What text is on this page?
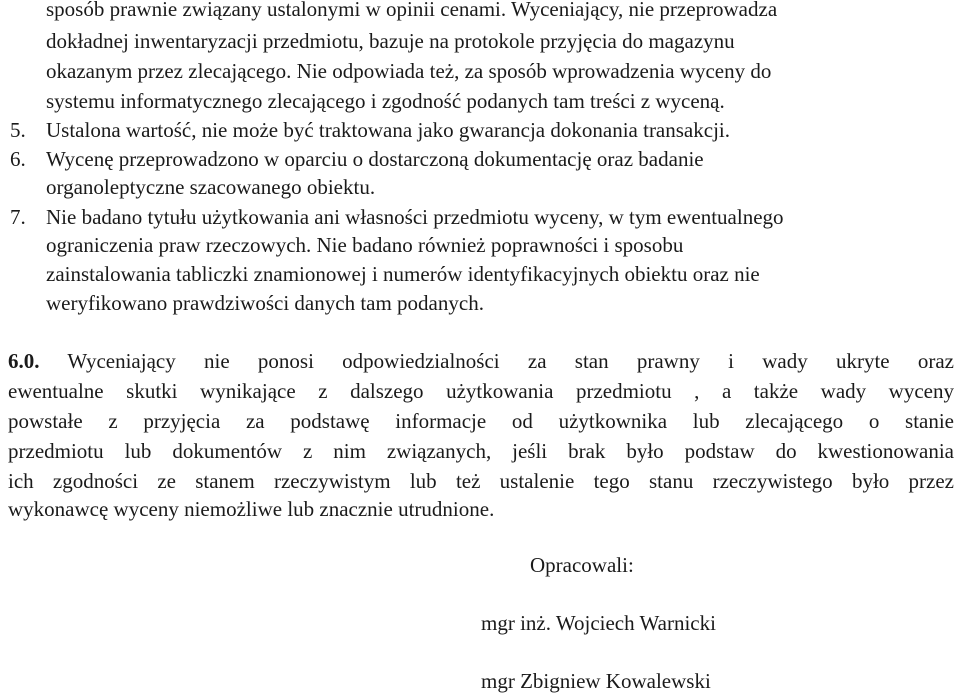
sposób prawnie związany ustalonymi w opinii cenami. Wyceniający, nie przeprowadza
dokładnej inwentaryzacji przedmiotu, bazuje na protokole przyjęcia do magazynu
okazanym przez zlecającego. Nie odpowiada też, za sposób wprowadzenia wyceny do
systemu informatycznego zlecającego i zgodność podanych tam treści z wyceną.
5. Ustalona wartość, nie może być traktowana jako gwarancja dokonania transakcji.
6. Wycenę przeprowadzono w oparciu o dostarczoną dokumentację oraz badanie
organoleptyczne szacowanego obiektu.
7. Nie badano tytułu użytkowania ani własności przedmiotu wyceny, w tym ewentualnego
ograniczenia praw rzeczowych. Nie badano również poprawności i sposobu
zainstalowania tabliczki znamionowej i numerów identyfikacyjnych obiektu oraz nie
weryfikowano prawdziwości danych tam podanych.
6.0. Wyceniający nie ponosi odpowiedzialności za stan prawny i wady ukryte oraz
ewentualne skutki wynikające z dalszego użytkowania przedmiotu , a także wady wyceny
powstałe z przyjęcia za podstawę informacje od użytkownika lub zlecającego o stanie
przedmiotu lub dokumentów z nim związanych, jeśli brak było podstaw do kwestionowania
ich zgodności ze stanem rzeczywistym lub też ustalenie tego stanu rzeczywistego było przez
wykonawcę wyceny niemożliwe lub znacznie utrudnione.
Opracowali:
mgr inż. Wojciech Warnicki
mgr Zbigniew Kowalewski
